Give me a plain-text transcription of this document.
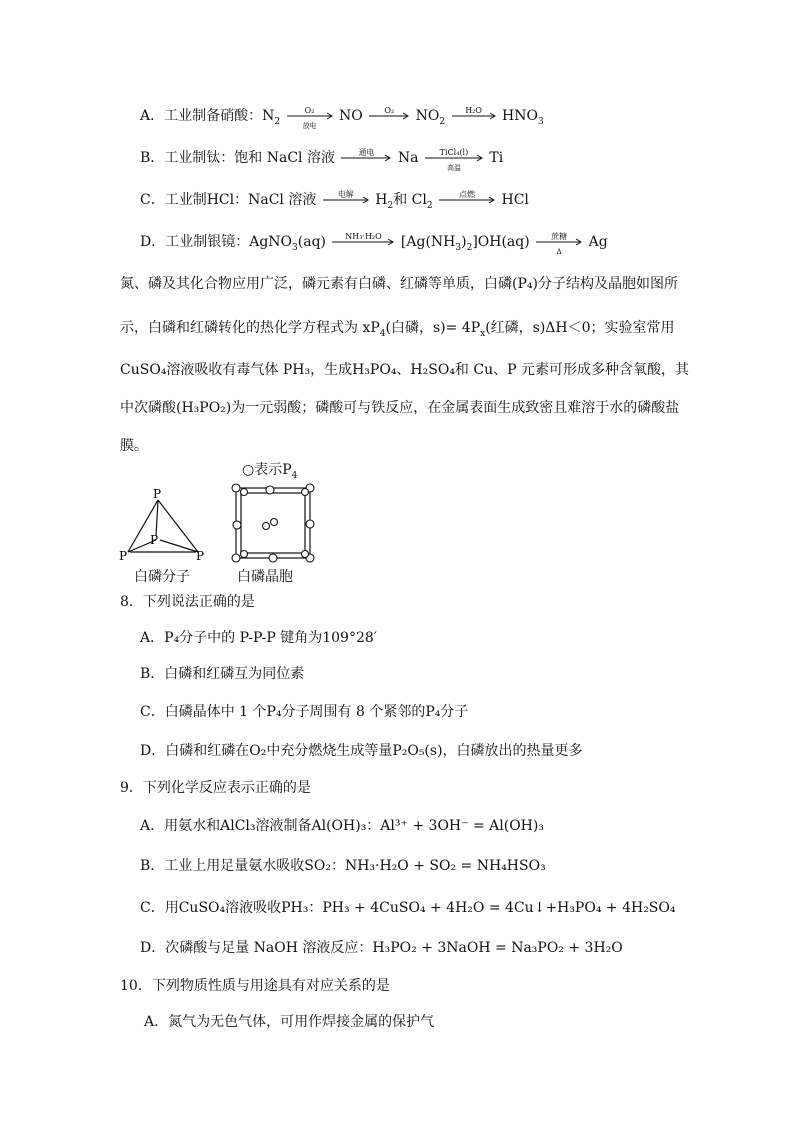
A．工业制备硝酸：$N_2$
O₂
放电
NO	O₂	$NO_2$
H₂O	$HNO_3$
B．工业制钛：饱和 NaCl 溶液	通电	Na	TiCl₄(l)
高温
Ti
C．工业制HCl：NaCl 溶液	电解	$H_2$和 $Cl_2$
点燃	HCl
D．工业制银镜：AgNO$_3$(aq)	NH₃·H₂O	$[Ag(NH_3)_2]OH(aq)$	蔗糖
Δ
Ag
氮、磷及其化合物应用广泛，磷元素有白磷、红磷等单质，白磷(P₄)分子结构及晶胞如图所
示，白磷和红磷转化的热化学方程式为 $xP_4$(白磷，$s)= 4P_x$(红磷，s)ΔH＜0；实验室常用
CuSO₄溶液吸收有毒气体 PH₃，生成H₃PO₄、H₂SO₄和 Cu、P 元素可形成多种含氧酸，其
中次磷酸(H₃PO₂)为一元弱酸；磷酸可与铁反应，在金属表面生成致密且难溶于水的磷酸盐
膜。
P
P
P
P
白磷分子
○表示$P_4$
白磷晶胞
8．下列说法正确的是
A．P₄分子中的 P-P-P 键角为109°28′
B．白磷和红磷互为同位素
C．白磷晶体中 1 个P₄分子周围有 8 个紧邻的P₄分子
D．白磷和红磷在O₂中充分燃烧生成等量P₂O₅(s)，白磷放出的热量更多
9．下列化学反应表示正确的是
A．用氨水和AlCl₃溶液制备Al(OH)₃：Al³⁺ + 3OH⁻ = Al(OH)₃
B．工业上用足量氨水吸收SO₂：NH₃·H₂O + SO₂ = NH₄HSO₃
C．用CuSO₄溶液吸收PH₃：PH₃ + 4CuSO₄ + 4H₂O = 4Cu↓+H₃PO₄ + 4H₂SO₄
D．次磷酸与足量 NaOH 溶液反应：H₃PO₂ + 3NaOH = Na₃PO₂ + 3H₂O
10．下列物质性质与用途具有对应关系的是
A．氮气为无色气体，可用作焊接金属的保护气
